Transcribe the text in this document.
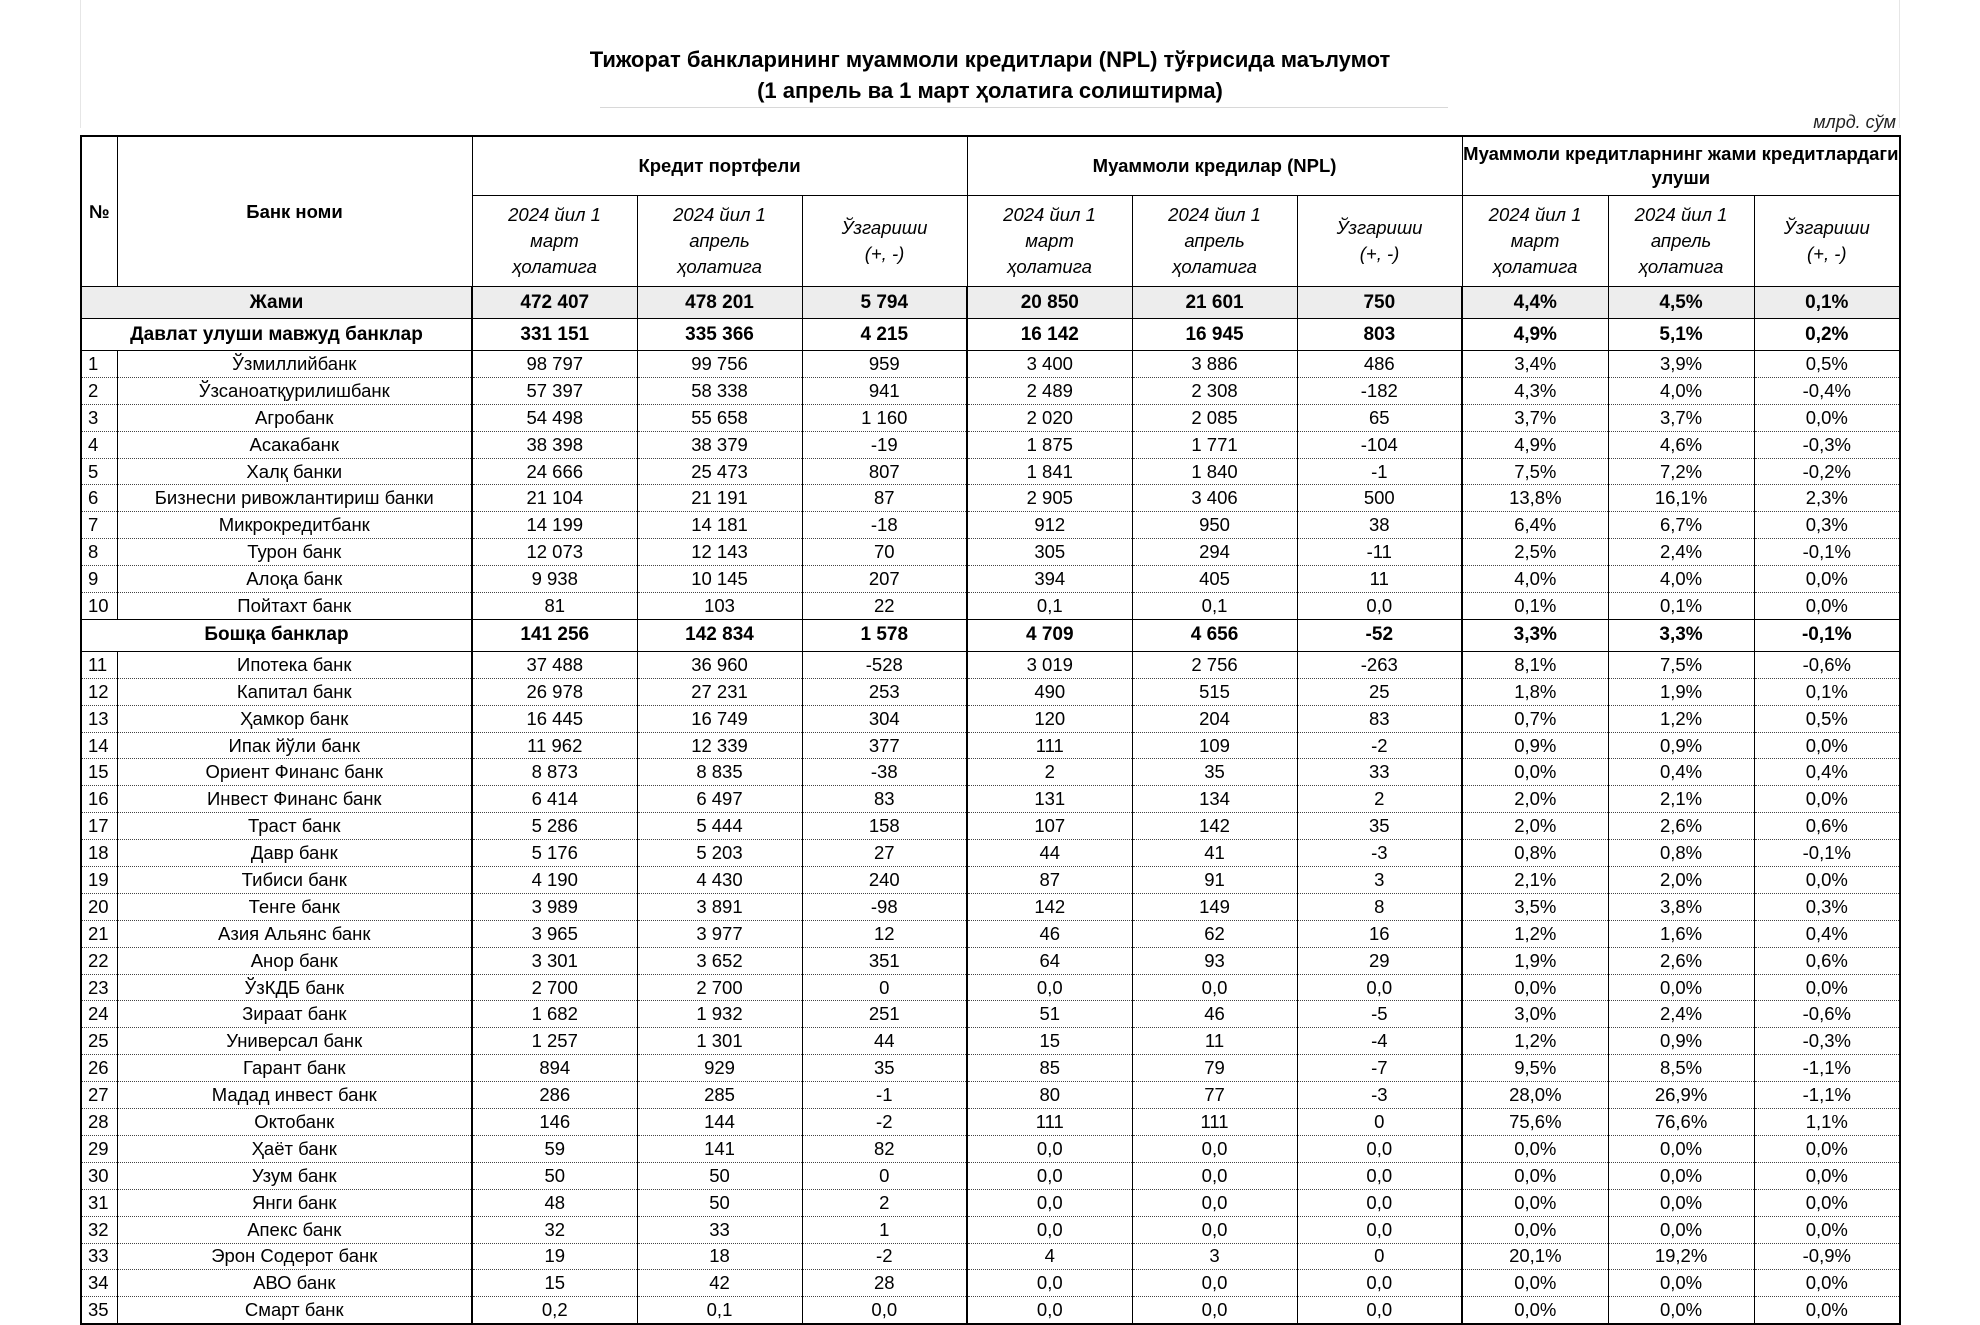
Тижорат банкларининг муаммоли кредитлари (NPL) тўғрисида маълумот
(1 апрель ва 1 март ҳолатига солиштирма)
млрд. сўм
№	Банк номи	Кредит портфели			Муаммоли кредилар (NPL)			Муаммоли кредитларнинг жами кредитлардаги улуши		
		2024 йил 1 март ҳолатига	2024 йил 1 апрель ҳолатига	Ўзгариши (+, -)	2024 йил 1 март ҳолатига	2024 йил 1 апрель ҳолатига	Ўзгариши (+, -)	2024 йил 1 март ҳолатига	2024 йил 1 апрель ҳолатига	Ўзгариши (+, -)
Жами		472 407	478 201	5 794	20 850	21 601	750	4,4%	4,5%	0,1%
Давлат улуши мавжуд банклар		331 151	335 366	4 215	16 142	16 945	803	4,9%	5,1%	0,2%
1	Ўзмиллийбанк	98 797	99 756	959	3 400	3 886	486	3,4%	3,9%	0,5%
2	Ўзсаноатқурилишбанк	57 397	58 338	941	2 489	2 308	-182	4,3%	4,0%	-0,4%
3	Агробанк	54 498	55 658	1 160	2 020	2 085	65	3,7%	3,7%	0,0%
4	Асакабанк	38 398	38 379	-19	1 875	1 771	-104	4,9%	4,6%	-0,3%
5	Халқ банки	24 666	25 473	807	1 841	1 840	-1	7,5%	7,2%	-0,2%
6	Бизнесни ривожлантириш банки	21 104	21 191	87	2 905	3 406	500	13,8%	16,1%	2,3%
7	Микрокредитбанк	14 199	14 181	-18	912	950	38	6,4%	6,7%	0,3%
8	Турон банк	12 073	12 143	70	305	294	-11	2,5%	2,4%	-0,1%
9	Алоқа банк	9 938	10 145	207	394	405	11	4,0%	4,0%	0,0%
10	Пойтахт банк	81	103	22	0,1	0,1	0,0	0,1%	0,1%	0,0%
Бошқа банклар		141 256	142 834	1 578	4 709	4 656	-52	3,3%	3,3%	-0,1%
11	Ипотека банк	37 488	36 960	-528	3 019	2 756	-263	8,1%	7,5%	-0,6%
12	Капитал банк	26 978	27 231	253	490	515	25	1,8%	1,9%	0,1%
13	Ҳамкор банк	16 445	16 749	304	120	204	83	0,7%	1,2%	0,5%
14	Ипак йўли банк	11 962	12 339	377	111	109	-2	0,9%	0,9%	0,0%
15	Ориент Финанс банк	8 873	8 835	-38	2	35	33	0,0%	0,4%	0,4%
16	Инвест Финанс банк	6 414	6 497	83	131	134	2	2,0%	2,1%	0,0%
17	Траст банк	5 286	5 444	158	107	142	35	2,0%	2,6%	0,6%
18	Давр банк	5 176	5 203	27	44	41	-3	0,8%	0,8%	-0,1%
19	Тибиси банк	4 190	4 430	240	87	91	3	2,1%	2,0%	0,0%
20	Тенге банк	3 989	3 891	-98	142	149	8	3,5%	3,8%	0,3%
21	Азия Альянс банк	3 965	3 977	12	46	62	16	1,2%	1,6%	0,4%
22	Анор банк	3 301	3 652	351	64	93	29	1,9%	2,6%	0,6%
23	ЎзКДБ банк	2 700	2 700	0	0,0	0,0	0,0	0,0%	0,0%	0,0%
24	Зираат банк	1 682	1 932	251	51	46	-5	3,0%	2,4%	-0,6%
25	Универсал банк	1 257	1 301	44	15	11	-4	1,2%	0,9%	-0,3%
26	Гарант банк	894	929	35	85	79	-7	9,5%	8,5%	-1,1%
27	Мадад инвест банк	286	285	-1	80	77	-3	28,0%	26,9%	-1,1%
28	Октобанк	146	144	-2	111	111	0	75,6%	76,6%	1,1%
29	Ҳаёт банк	59	141	82	0,0	0,0	0,0	0,0%	0,0%	0,0%
30	Узум банк	50	50	0	0,0	0,0	0,0	0,0%	0,0%	0,0%
31	Янги банк	48	50	2	0,0	0,0	0,0	0,0%	0,0%	0,0%
32	Апекс банк	32	33	1	0,0	0,0	0,0	0,0%	0,0%	0,0%
33	Эрон Содерот банк	19	18	-2	4	3	0	20,1%	19,2%	-0,9%
34	АВО банк	15	42	28	0,0	0,0	0,0	0,0%	0,0%	0,0%
35	Смарт банк	0,2	0,1	0,0	0,0	0,0	0,0	0,0%	0,0%	0,0%
